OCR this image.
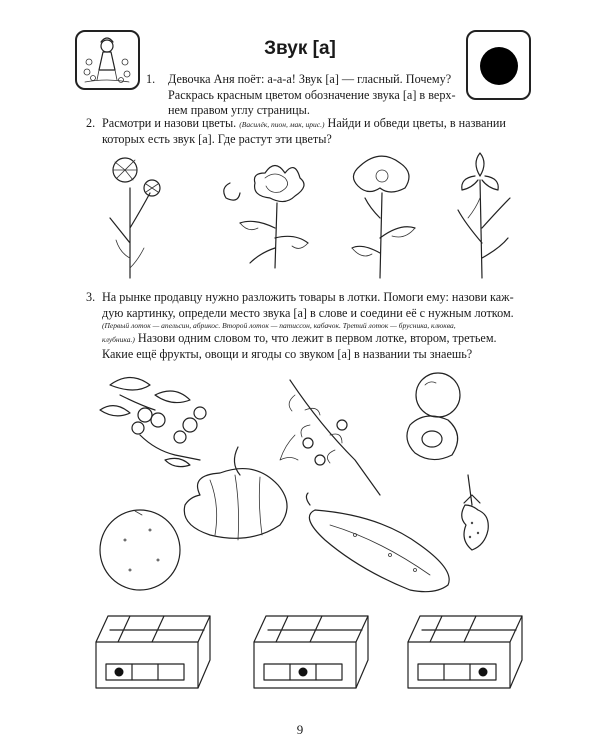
Звук [а]
1.	Девочка Аня поёт: а-а-а! Звук [а] — гласный. Почему?
Раскрась красным цветом обозначение звука [а] в верх-
нем правом углу страницы.
2. Расмотри и назови цветы. (Василёк, пион, мак, ирис.) Найди и обведи цветы, в названии
которых есть звук [а]. Где растут эти цветы?
3. На рынке продавцу нужно разложить товары в лотки. Помоги ему: назови каж-
дую картинку, определи место звука [а] в слове и соедини её с нужным лотком.
(Первый лоток — апельсин, абрикос. Второй лоток — патиссон, кабачок. Третий лоток — брусника, клюква,
клубника.) Назови одним словом то, что лежит в первом лотке, втором, третьем.
Какие ещё фрукты, овощи и ягоды со звуком [а] в названии ты знаешь?
9
